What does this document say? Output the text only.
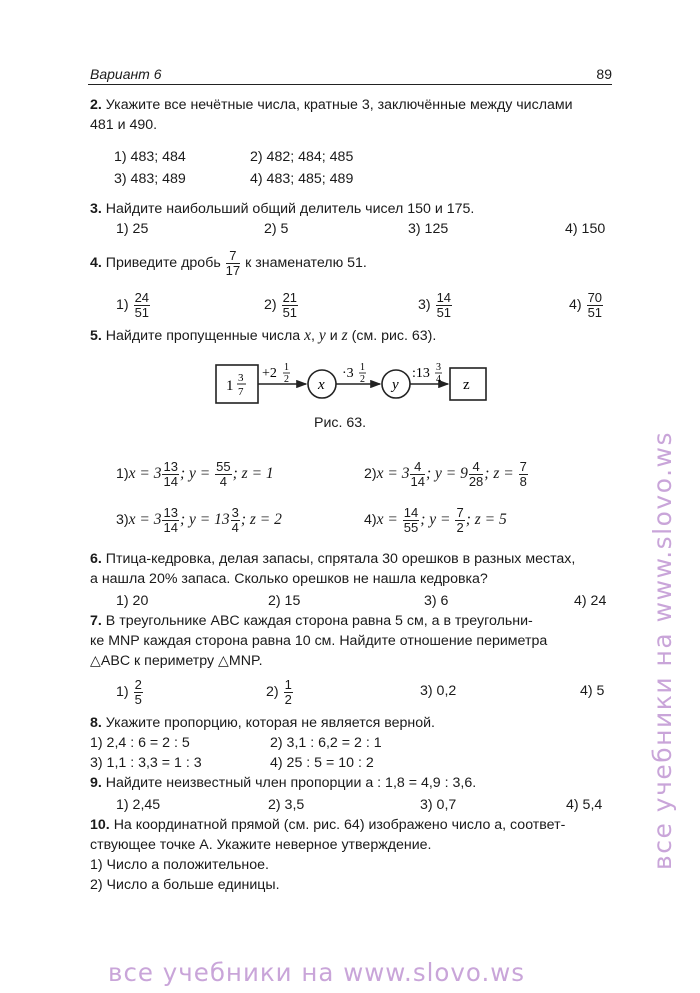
Вариант 6	89
2. Укажите все нечётные числа, кратные 3, заключённые между числами
481 и 490.
1) 483; 484	2) 482; 484; 485
3) 483; 489	4) 483; 485; 489
3. Найдите наибольший общий делитель чисел 150 и 175.
1) 25	2) 5	3) 125	4) 150
4. Приведите дробь $\frac{7}{17}$ к знаменателю 51.
$1) \frac{24}{51}$	$2) \frac{21}{51}$	$3) \frac{14}{51}$	$4) \frac{70}{51}$
5. Найдите пропущенные числа x, y и z (см. рис. 63).
1 3
7
+2 1
2 x
·3 1
2 y
:13 3
4 z
Рис. 63.
$1)x = 3 \frac{13}{14}$ ; $y = \frac{55}{4}$ ; z = 1	$2)x = 3 \frac{4}{14}$ ; $y = 9 \frac{4}{28}$ ; $z = \frac{7}{8}$
$3)x = 3 \frac{13}{14}$ ; $y = 13 \frac{3}{4}$ ; z = 2	$4)x = \frac{14}{55}$ ; $y = \frac{7}{2}$ ; z = 5
6. Птица-кедровка, делая запасы, спрятала 30 орешков в разных местах,
а нашла 20% запаса. Сколько орешков не нашла кедровка?
1) 20	2) 15	3) 6	4) 24
7. В треугольнике ABC каждая сторона равна 5 см, а в треугольни-
ке MNP каждая сторона равна 10 см. Найдите отношение периметра
△ABC к периметру △MNP.
$1) \frac{2}{5}$	$2) \frac{1}{2}$	3) 0,2	4) 5
8. Укажите пропорцию, которая не является верной.
1) 2,4 : 6 = 2 : 5	2) 3,1 : 6,2 = 2 : 1
3) 1,1 : 3,3 = 1 : 3	4) 25 : 5 = 10 : 2
9. Найдите неизвестный член пропорции a : 1,8 = 4,9 : 3,6.
1) 2,45	2) 3,5	3) 0,7	4) 5,4
10. На координатной прямой (см. рис. 64) изображено число a, соответ-
ствующее точке A. Укажите неверное утверждение.
1) Число a положительное.
2) Число a больше единицы.
все учебники на www.slovo.ws
все учебники на www.slovo.ws
